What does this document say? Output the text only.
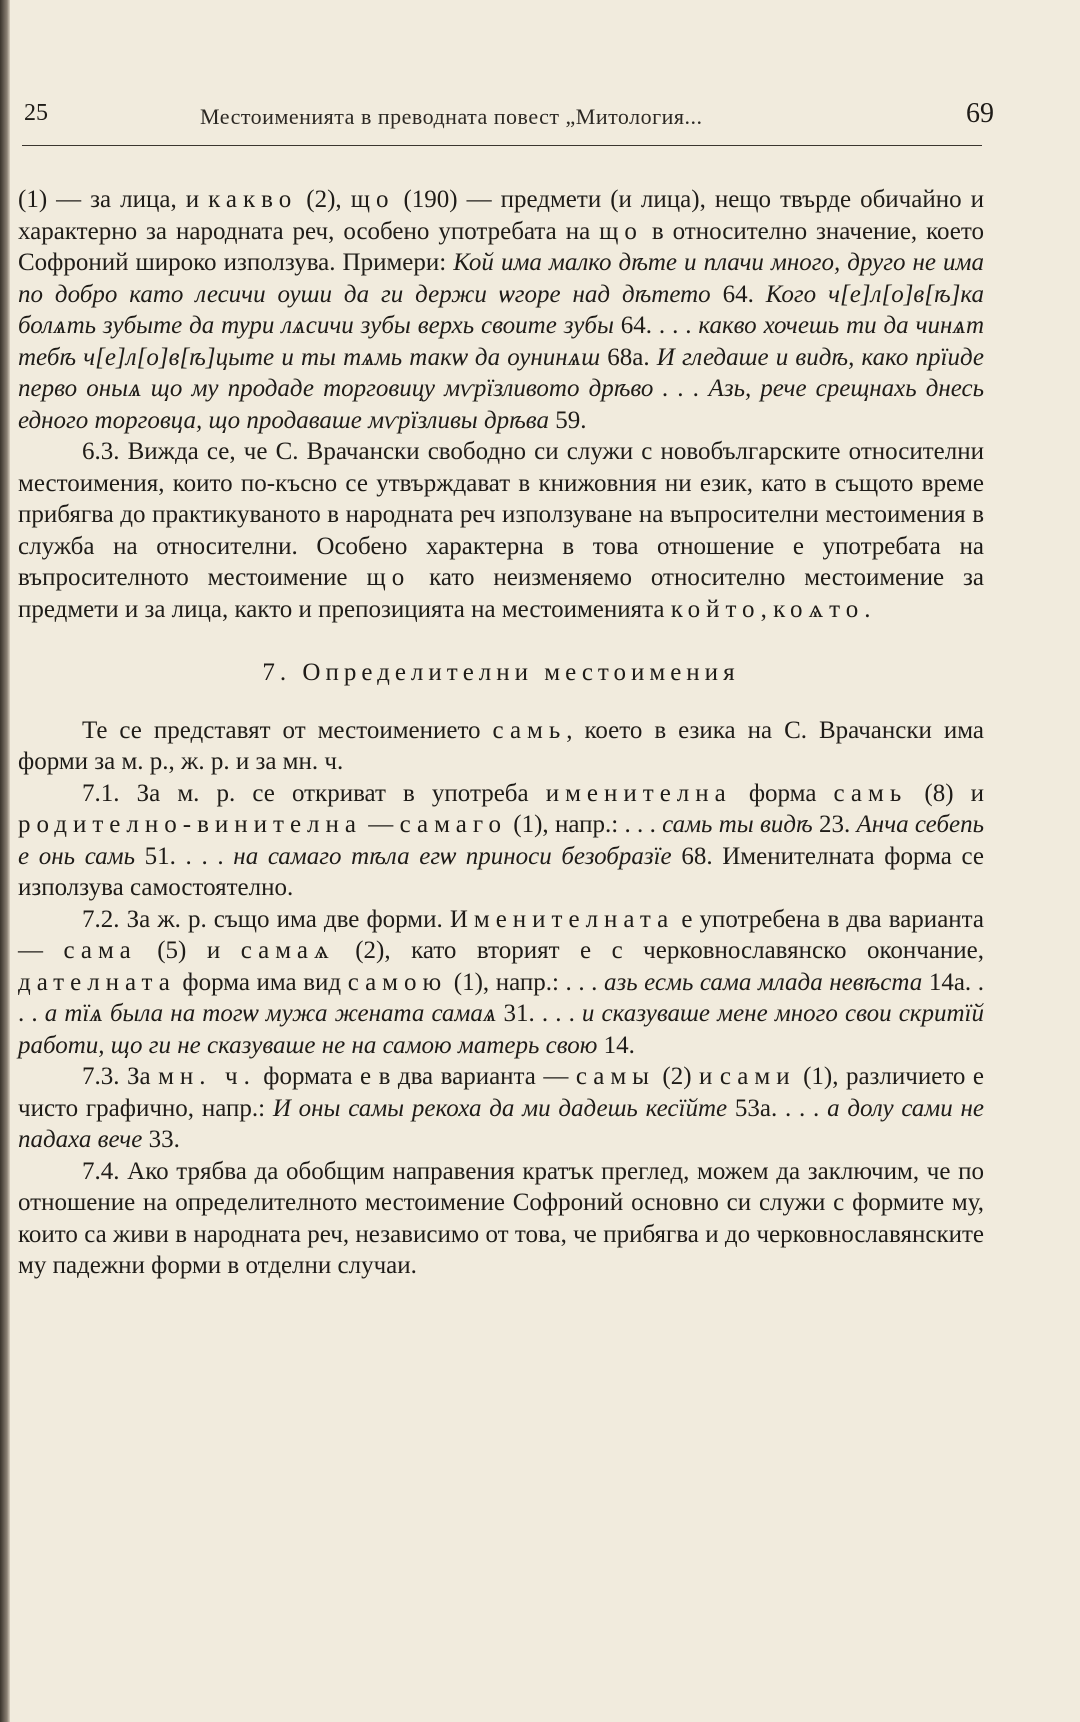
25	Местоименията в преводната повест „Митология...	69

(1) — за лица, и какво (2), що (190) — предмети (и лица), нещо твърде обичайно и характерно за народната реч, особено употребата на що в относително значение, което Софроний широко използува. Примери: Кой има малко дѣте и плачи много, друго не има по добро като лесичи оуши да ги держи ѡгоре над дѣтето 64. Кого ч[е]л[о]в[ѣ]ка болѧть зубыте да тури лѧсичи зубы верхь своите зубы 64. . . . какво хочешь ти да чинѧт тебѣ ч[е]л[о]в[ѣ]цыте и ты тѧмь такѡ да оунинѧш 68а. И гледаше и видѣ, како прїиде перво оныѧ що му продаде торговицу мѵрїзливото дрѣво . . . Азь, рече срещнахь днесь едного торговца, що продаваше мѵрїзливы дрѣва 59.

6.3. Вижда се, че С. Врачански свободно си служи с новобългарските относителни местоимения, които по-късно се утвърждават в книжовния ни език, като в същото време прибягва до практикуваното в народната реч използуване на въпросителни местоимения в служба на относителни. Особено характерна в това отношение е употребата на въпросителното местоимение що като неизменяемо относително местоимение за предмети и за лица, както и препозицията на местоименията който, коѧто.

7. Определителни местоимения

Те се представят от местоимението самь, което в езика на С. Врачански има форми за м. р., ж. р. и за мн. ч.

7.1. За м. р. се откриват в употреба именителна форма самь (8) и родително-винителна — самаго (1), напр.: . . . самь ты видѣ 23. Анча себепь е онь самь 51. . . . на самаго тѣла егѡ приноси безобразїе 68. Именителната форма се използува самостоятелно.

7.2. За ж. р. също има две форми. Именителната е употребена в два варианта — сама (5) и самаѧ (2), като вторият е с черковнославянско окончание, дателната форма има вид самою (1), напр.: . . . азь есмь сама млада невѣста 14а. . . . а тїѧ была на тогѡ мужа жената самаѧ 31. . . . и сказуваше мене много свои скритїй работи, що ги не сказуваше не на самою матерь свою 14.

7.3. За мн. ч. формата е в два варианта — самы (2) и сами (1), различието е чисто графично, напр.: И оны самы рекоха да ми дадешь кесїйте 53а. . . . а долу сами не падаха вече 33.

7.4. Ако трябва да обобщим направения кратък преглед, можем да заключим, че по отношение на определителното местоимение Софроний основно си служи с формите му, които са живи в народната реч, независимо от това, че прибягва и до черковнославянските му падежни форми в отделни случаи.
